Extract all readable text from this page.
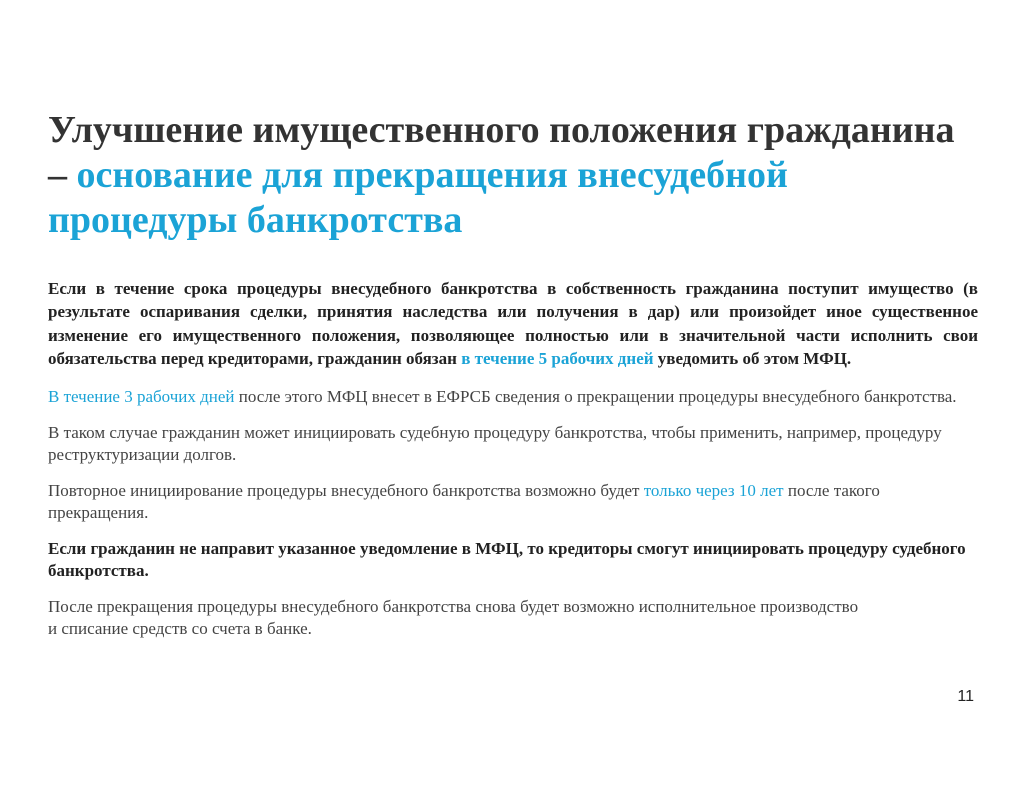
Улучшение имущественного положения гражданина – основание для прекращения внесудебной процедуры банкротства
Если в течение срока процедуры внесудебного банкротства в собственность гражданина поступит имущество (в результате оспаривания сделки, принятия наследства или получения в дар) или произойдет иное существенное изменение его имущественного положения, позволяющее полностью или в значительной части исполнить свои обязательства перед кредиторами, гражданин обязан в течение 5 рабочих дней уведомить об этом МФЦ.
В течение 3 рабочих дней после этого МФЦ внесет в ЕФРСБ сведения о прекращении процедуры внесудебного банкротства.
В таком случае гражданин может инициировать судебную процедуру банкротства, чтобы применить, например, процедуру реструктуризации долгов.
Повторное инициирование процедуры внесудебного банкротства возможно будет только через 10 лет после такого прекращения.
Если гражданин не направит указанное уведомление в МФЦ, то кредиторы смогут инициировать процедуру судебного банкротства.
После прекращения процедуры внесудебного банкротства снова будет возможно исполнительное производство
и списание средств со счета в банке.
11
